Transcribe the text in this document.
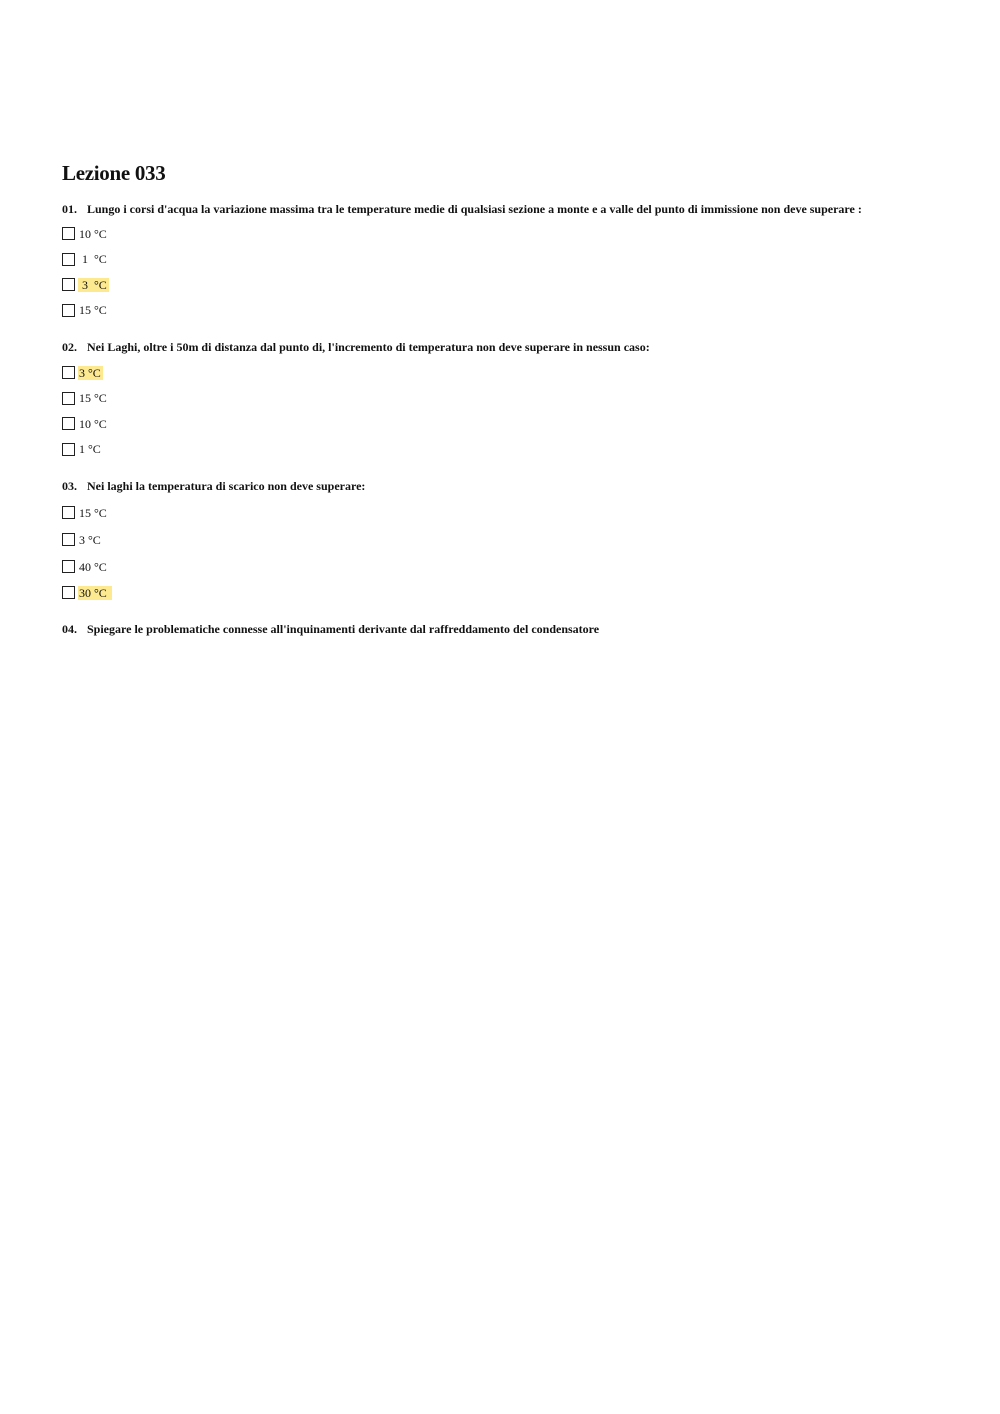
Lezione 033

01. Lungo i corsi d'acqua la variazione massima tra le temperature medie di qualsiasi sezione a monte e a valle del punto di immissione non deve superare :

10 °C
1  °C
3  °C
15 °C

02. Nei Laghi, oltre i 50m di distanza dal punto di, l'incremento di temperatura non deve superare in nessun caso:

3 °C
15 °C
10 °C
1 °C

03. Nei laghi la temperatura di scarico non deve superare:

15 °C
3 °C
40 °C
30 °C

04. Spiegare le problematiche connesse all'inquinamenti derivante dal raffreddamento del condensatore
